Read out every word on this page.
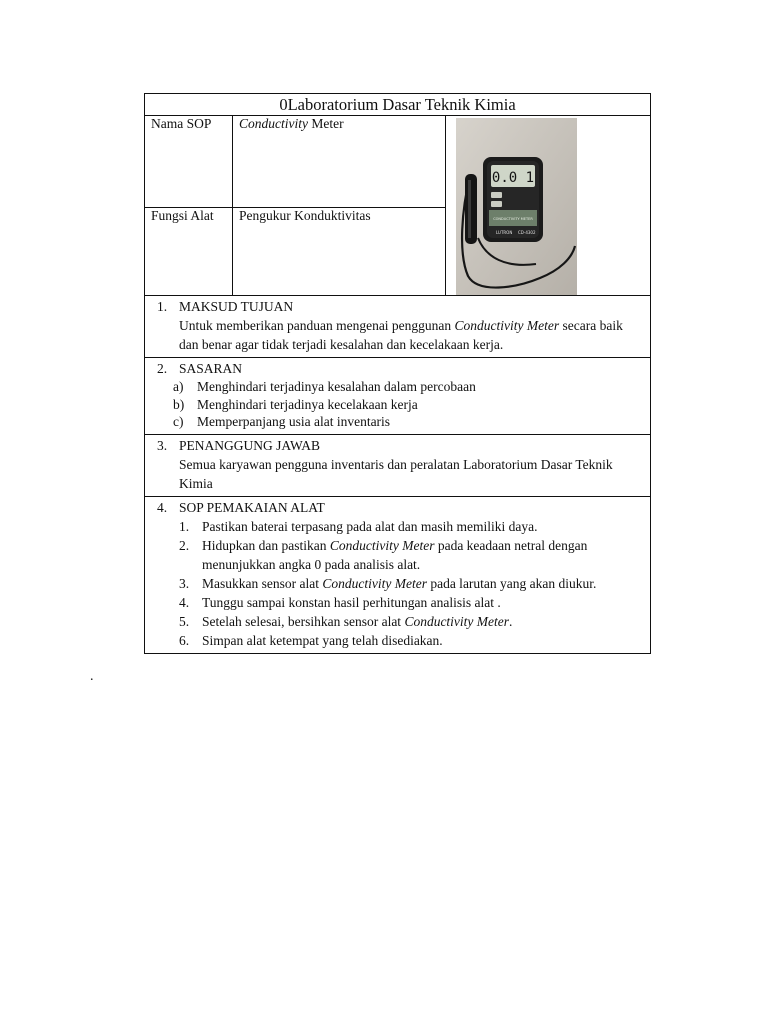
0Laboratorium Dasar Teknik Kimia
Nama SOP
Fungsi Alat
Conductivity Meter
Pengukur Konduktivitas
0.0 1
CONDUCTIVITY METER
LUTRON CD-4302
1. MAKSUD TUJUAN
Untuk memberikan panduan mengenai penggunan Conductivity Meter secara baik dan benar agar tidak terjadi kesalahan dan kecelakaan kerja.
2. SASARAN
a) Menghindari terjadinya kesalahan dalam percobaan
b) Menghindari terjadinya kecelakaan kerja
c) Memperpanjang usia alat inventaris
3. PENANGGUNG JAWAB
Semua karyawan pengguna inventaris dan peralatan Laboratorium Dasar Teknik Kimia
4. SOP PEMAKAIAN ALAT
1. Pastikan baterai terpasang pada alat dan masih memiliki daya.
2. Hidupkan dan pastikan Conductivity Meter pada keadaan netral dengan menunjukkan angka 0 pada analisis alat.
3. Masukkan sensor alat Conductivity Meter pada larutan yang akan diukur.
4. Tunggu sampai konstan hasil perhitungan analisis alat .
5. Setelah selesai, bersihkan sensor alat Conductivity Meter.
6. Simpan alat ketempat yang telah disediakan.
.
